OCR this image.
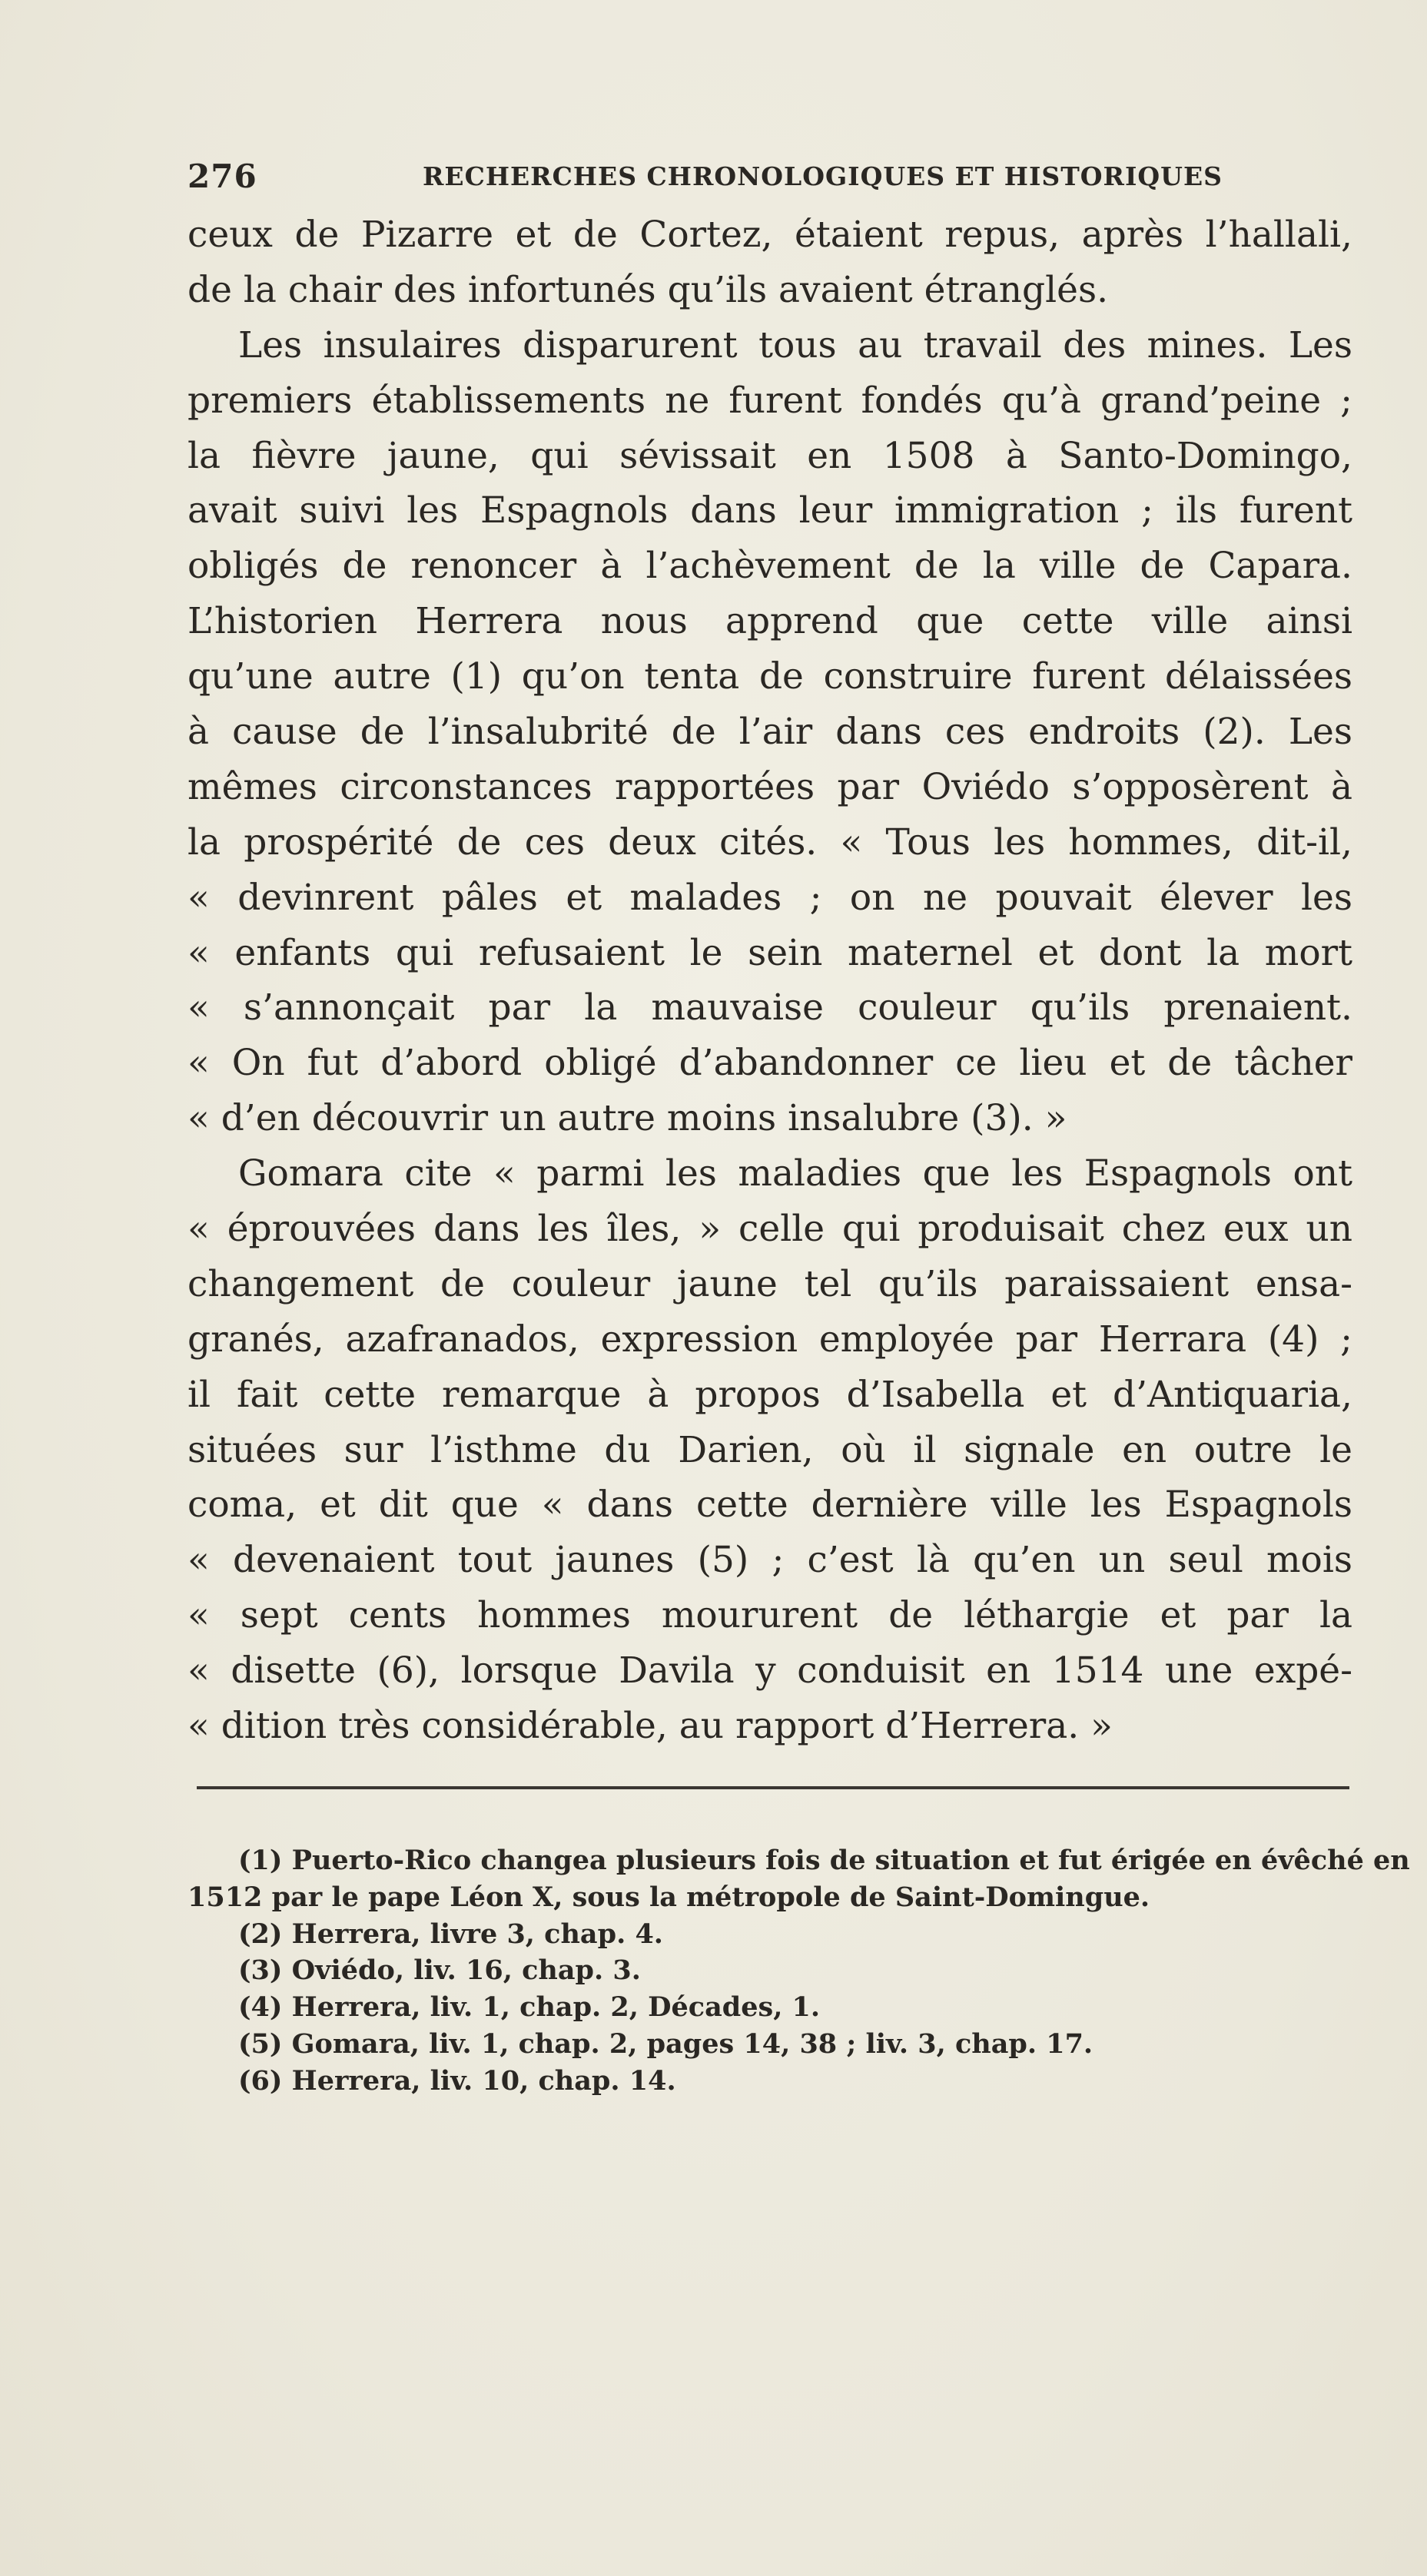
276	RECHERCHES CHRONOLOGIQUES ET HISTORIQUES
ceux de Pizarre et de Cortez, étaient repus, après l’hallali,
de la chair des infortunés qu’ils avaient étranglés.
Les insulaires disparurent tous au travail des mines. Les
premiers établissements ne furent fondés qu’à grand’peine ;
la fièvre jaune, qui sévissait en 1508 à Santo-Domingo,
avait suivi les Espagnols dans leur immigration ; ils furent
obligés de renoncer à l’achèvement de la ville de Capara.
L’historien Herrera nous apprend que cette ville ainsi
qu’une autre (1) qu’on tenta de construire furent délaissées
à cause de l’insalubrité de l’air dans ces endroits (2). Les
mêmes circonstances rapportées par Oviédo s’opposèrent à
la prospérité de ces deux cités. « Tous les hommes, dit-il,
« devinrent pâles et malades ; on ne pouvait élever les
« enfants qui refusaient le sein maternel et dont la mort
« s’annonçait par la mauvaise couleur qu’ils prenaient.
« On fut d’abord obligé d’abandonner ce lieu et de tâcher
« d’en découvrir un autre moins insalubre (3). »
Gomara cite « parmi les maladies que les Espagnols ont
« éprouvées dans les îles, » celle qui produisait chez eux un
changement de couleur jaune tel qu’ils paraissaient ensa-
granés, azafranados, expression employée par Herrara (4) ;
il fait cette remarque à propos d’Isabella et d’Antiquaria,
situées sur l’isthme du Darien, où il signale en outre le
coma, et dit que « dans cette dernière ville les Espagnols
« devenaient tout jaunes (5) ; c’est là qu’en un seul mois
« sept cents hommes moururent de léthargie et par la
« disette (6), lorsque Davila y conduisit en 1514 une expé-
« dition très considérable, au rapport d’Herrera. »
(1) Puerto-Rico changea plusieurs fois de situation et fut érigée en évêché en
1512 par le pape Léon X, sous la métropole de Saint-Domingue.
(2) Herrera, livre 3, chap. 4.
(3) Oviédo, liv. 16, chap. 3.
(4) Herrera, liv. 1, chap. 2, Décades, 1.
(5) Gomara, liv. 1, chap. 2, pages 14, 38 ; liv. 3, chap. 17.
(6) Herrera, liv. 10, chap. 14.
